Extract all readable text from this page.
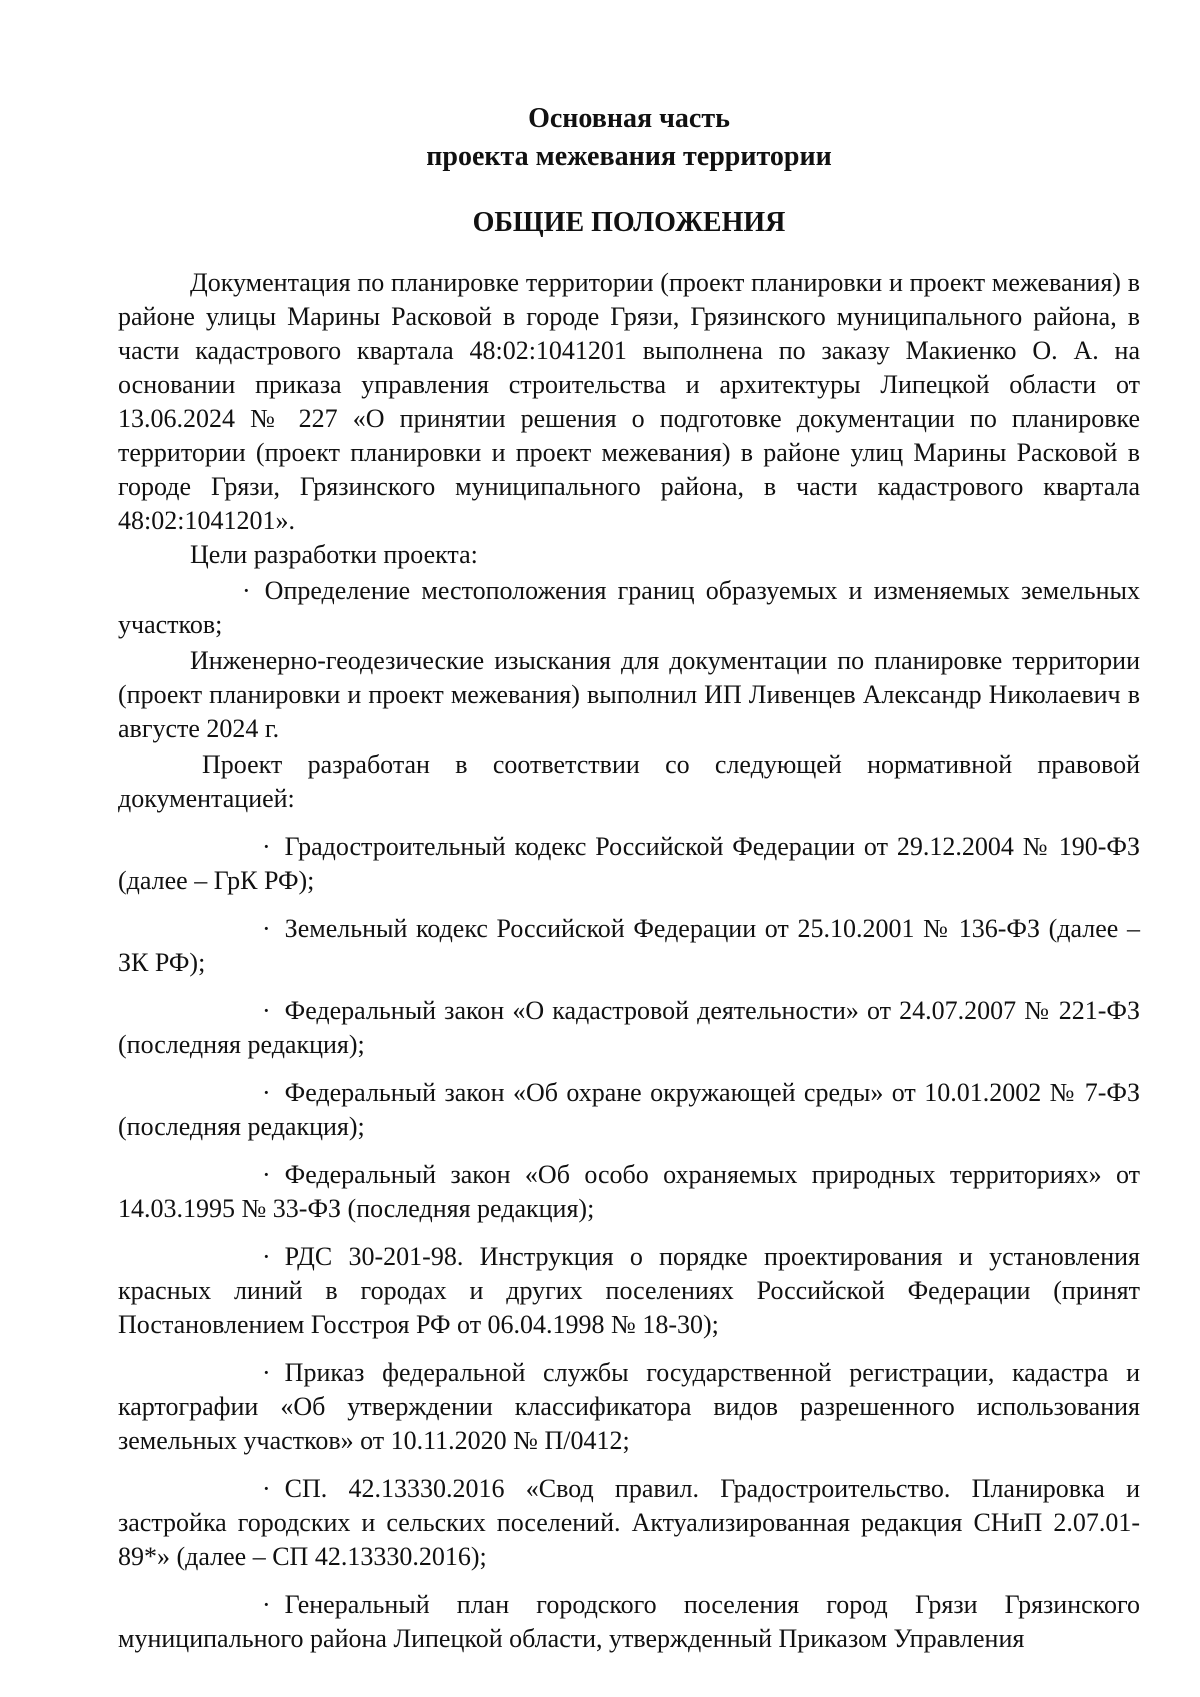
Основная часть

проекта межевания территории

ОБЩИЕ ПОЛОЖЕНИЯ

Документация по планировке территории (проект планировки и проект межевания) в районе улицы Марины Расковой в городе Грязи, Грязинского муниципального района, в части кадастрового квартала 48:02:1041201 выполнена по заказу Макиенко О. А. на основании приказа управления строительства и архитектуры Липецкой области от 13.06.2024 № 227 «О принятии решения о подготовке документации по планировке территории (проект планировки и проект межевания) в районе улиц Марины Расковой в городе Грязи, Грязинского муниципального района, в части кадастрового квартала 48:02:1041201».

Цели разработки проекта:

· Определение местоположения границ образуемых и изменяемых земельных участков;

Инженерно-геодезические изыскания для документации по планировке территории (проект планировки и проект межевания) выполнил ИП Ливенцев Александр Николаевич в августе 2024 г.

Проект разработан в соответствии со следующей нормативной правовой документацией:

· Градостроительный кодекс Российской Федерации от 29.12.2004 № 190-ФЗ (далее – ГрК РФ);

· Земельный кодекс Российской Федерации от 25.10.2001 № 136-ФЗ (далее – ЗК РФ);

· Федеральный закон «О кадастровой деятельности» от 24.07.2007 № 221-ФЗ (последняя редакция);

· Федеральный закон «Об охране окружающей среды» от 10.01.2002 № 7-ФЗ (последняя редакция);

· Федеральный закон «Об особо охраняемых природных территориях» от 14.03.1995 № 33-ФЗ (последняя редакция);

· РДС 30-201-98. Инструкция о порядке проектирования и установления красных линий в городах и других поселениях Российской Федерации (принят Постановлением Госстроя РФ от 06.04.1998 № 18-30);

· Приказ федеральной службы государственной регистрации, кадастра и картографии «Об утверждении классификатора видов разрешенного использования земельных участков» от 10.11.2020 № П/0412;

· СП. 42.13330.2016 «Свод правил. Градостроительство. Планировка и застройка городских и сельских поселений. Актуализированная редакция СНиП 2.07.01-89*» (далее – СП 42.13330.2016);

· Генеральный план городского поселения город Грязи Грязинского муниципального района Липецкой области, утвержденный Приказом Управления
